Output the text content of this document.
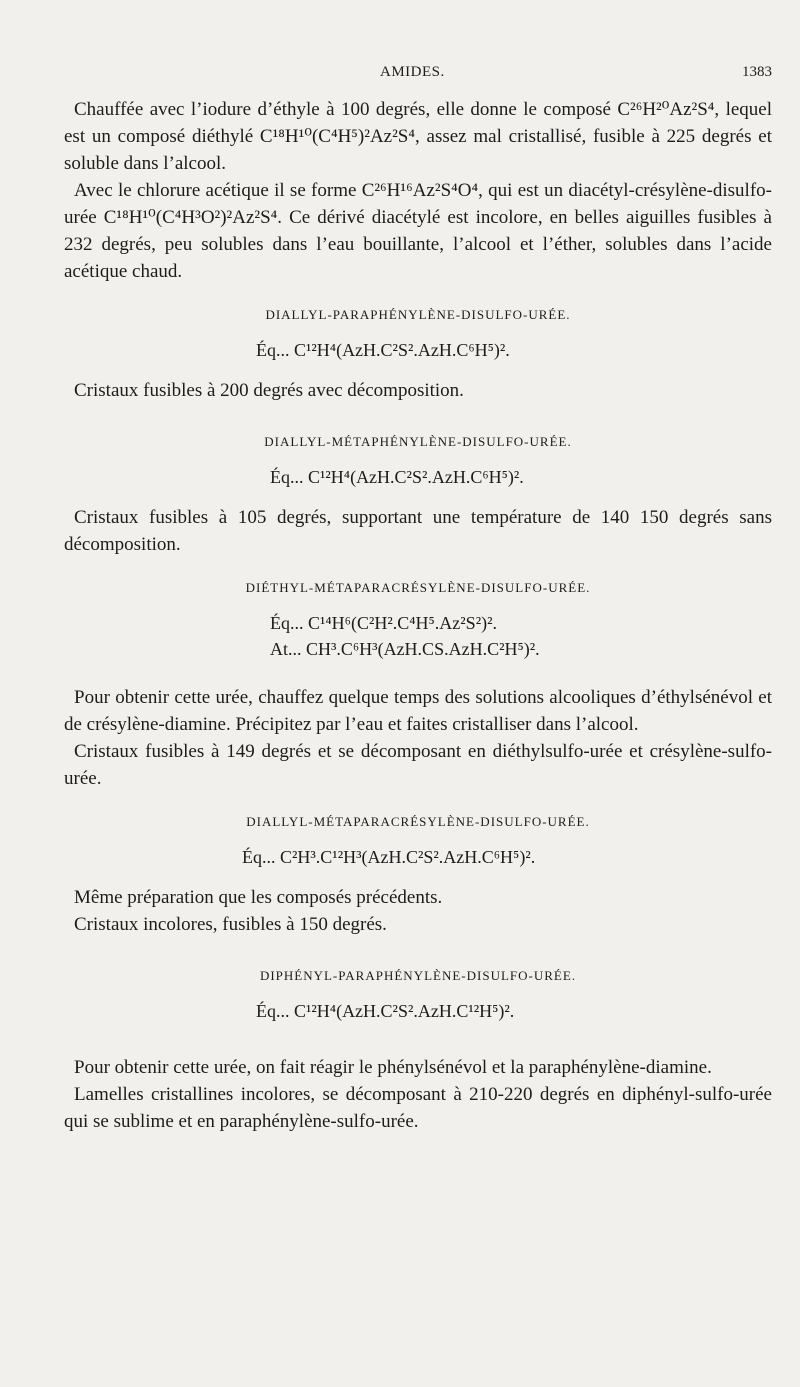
AMIDES.	1383

Chauffée avec l’iodure d’éthyle à 100 degrés, elle donne le composé C²⁶H²⁰Az²S⁴, lequel est un composé diéthylé C¹⁸H¹⁰(C⁴H⁵)²Az²S⁴, assez mal cristallisé, fusible à 225 degrés et soluble dans l’alcool.

Avec le chlorure acétique il se forme C²⁶H¹⁶Az²S⁴O⁴, qui est un diacétyl-crésylène-disulfo-urée C¹⁸H¹⁰(C⁴H³O²)²Az²S⁴. Ce dérivé diacétylé est incolore, en belles aiguilles fusibles à 232 degrés, peu solubles dans l’eau bouillante, l’alcool et l’éther, solubles dans l’acide acétique chaud.

DIALLYL-PARAPHÉNYLÈNE-DISULFO-URÉE.
Éq... C¹²H⁴(AzH.C²S².AzH.C⁶H⁵)².

Cristaux fusibles à 200 degrés avec décomposition.

DIALLYL-MÉTAPHÉNYLÈNE-DISULFO-URÉE.
Éq... C¹²H⁴(AzH.C²S².AzH.C⁶H⁵)².

Cristaux fusibles à 105 degrés, supportant une température de 140 150 degrés sans décomposition.

DIÉTHYL-MÉTAPARACRÉSYLÈNE-DISULFO-URÉE.
Éq... C¹⁴H⁶(C²H².C⁴H⁵.Az²S²)².
At... CH³.C⁶H³(AzH.CS.AzH.C²H⁵)².

Pour obtenir cette urée, chauffez quelque temps des solutions alcooliques d’éthylsénévol et de crésylène-diamine. Précipitez par l’eau et faites cristalliser dans l’alcool.

Cristaux fusibles à 149 degrés et se décomposant en diéthylsulfo-urée et crésylène-sulfo-urée.

DIALLYL-MÉTAPARACRÉSYLÈNE-DISULFO-URÉE.
Éq... C²H³.C¹²H³(AzH.C²S².AzH.C⁶H⁵)².

Même préparation que les composés précédents.

Cristaux incolores, fusibles à 150 degrés.

DIPHÉNYL-PARAPHÉNYLÈNE-DISULFO-URÉE.
Éq... C¹²H⁴(AzH.C²S².AzH.C¹²H⁵)².

Pour obtenir cette urée, on fait réagir le phénylsénévol et la paraphénylène-diamine.

Lamelles cristallines incolores, se décomposant à 210-220 degrés en diphényl-sulfo-urée qui se sublime et en paraphénylène-sulfo-urée.
